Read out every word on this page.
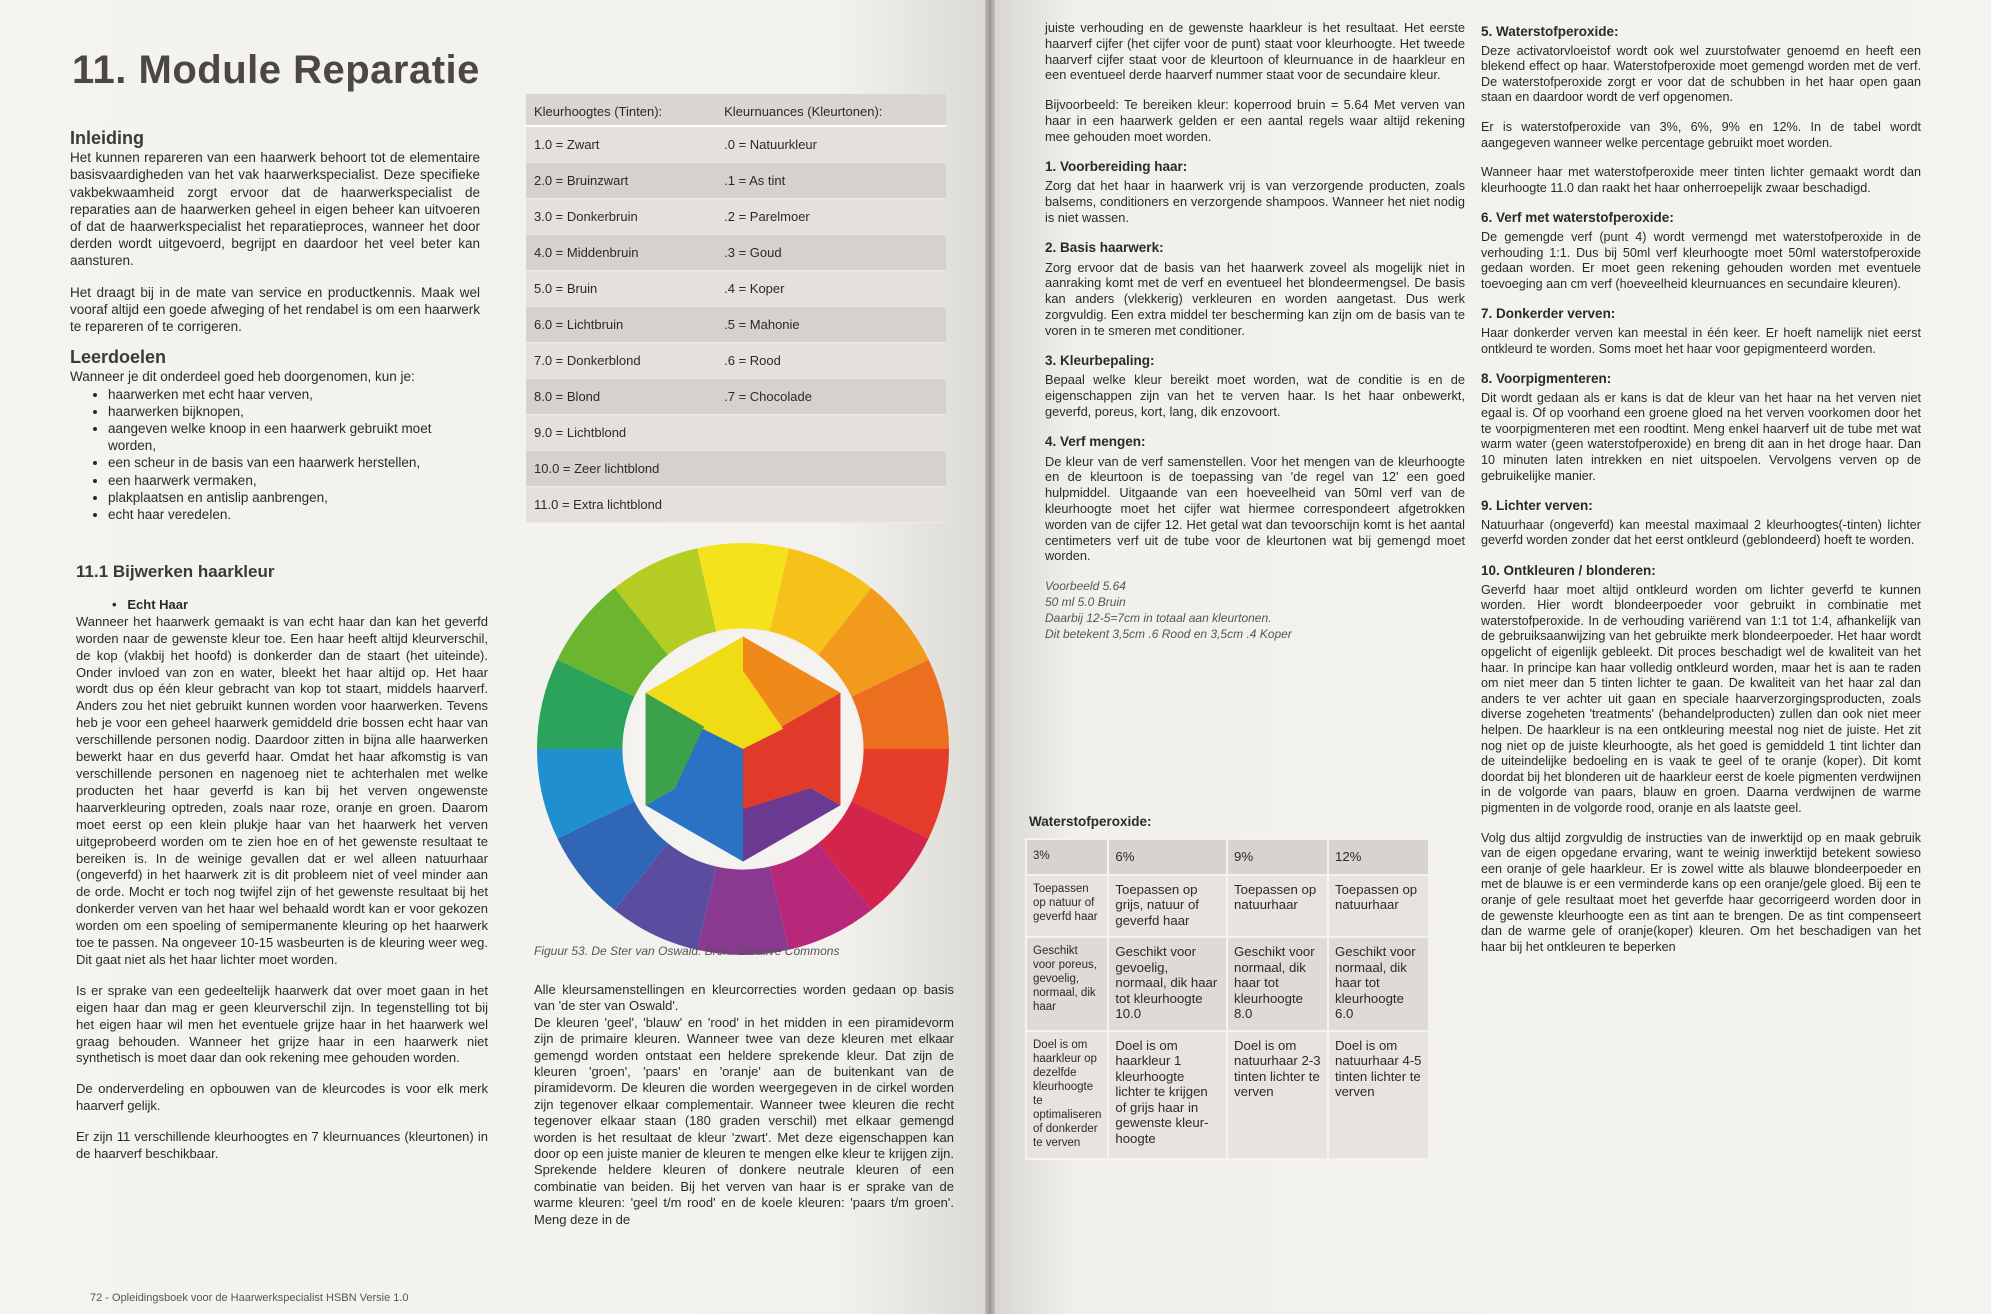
11. Module Reparatie
Inleiding

Het kunnen repareren van een haarwerk behoort tot de elementaire basisvaardigheden van het vak haarwerkspecialist. Deze specifieke vakbekwaamheid zorgt ervoor dat de haarwerkspecialist de reparaties aan de haarwerken geheel in eigen beheer kan uitvoeren of dat de haarwerkspecialist het reparatieproces, wanneer het door derden wordt uitgevoerd, begrijpt en daardoor het veel beter kan aansturen.

Het draagt bij in de mate van service en productkennis. Maak wel vooraf altijd een goede afweging of het rendabel is om een haarwerk te repareren of te corrigeren.

Leerdoelen

Wanneer je dit onderdeel goed heb doorgenomen, kun je:

• haarwerken met echt haar verven,
• haarwerken bijknopen,
• aangeven welke knoop in een haarwerk gebruikt moet worden,
• een scheur in de basis van een haarwerk herstellen,
• een haarwerk vermaken,
• plakplaatsen en antislip aanbrengen,
• echt haar veredelen.
11.1 Bijwerken haarkleur
•   Echt Haar

Wanneer het haarwerk gemaakt is van echt haar dan kan het geverfd worden naar de gewenste kleur toe. Een haar heeft altijd kleurverschil, de kop (vlakbij het hoofd) is donkerder dan de staart (het uiteinde). Onder invloed van zon en water, bleekt het haar altijd op. Het haar wordt dus op één kleur gebracht van kop tot staart, middels haarverf. Anders zou het niet gebruikt kunnen worden voor haarwerken. Tevens heb je voor een geheel haarwerk gemiddeld drie bossen echt haar van verschillende personen nodig. Daardoor zitten in bijna alle haarwerken bewerkt haar en dus geverfd haar. Omdat het haar afkomstig is van verschillende personen en nagenoeg niet te achterhalen met welke producten het haar geverfd is kan bij het verven ongewenste haarverkleuring optreden, zoals naar roze, oranje en groen. Daarom moet eerst op een klein plukje haar van het haarwerk het verven uitgeprobeerd worden om te zien hoe en of het gewenste resultaat te bereiken is. In de weinige gevallen dat er wel alleen natuurhaar (ongeverfd) in het haarwerk zit is dit probleem niet of veel minder aan de orde. Mocht er toch nog twijfel zijn of het gewenste resultaat bij het donkerder verven van het haar wel behaald wordt kan er voor gekozen worden om een spoeling of semipermanente kleuring op het haarwerk toe te passen. Na ongeveer 10-15 wasbeurten is de kleuring weer weg. Dit gaat niet als het haar lichter moet worden.

Is er sprake van een gedeeltelijk haarwerk dat over moet gaan in het eigen haar dan mag er geen kleurverschil zijn. In tegenstelling tot bij het eigen haar wil men het eventuele grijze haar in het haarwerk wel graag behouden. Wanneer het grijze haar in een haarwerk niet synthetisch is moet daar dan ook rekening mee gehouden worden.

De onderverdeling en opbouwen van de kleurcodes is voor elk merk haarverf gelijk.

Er zijn 11 verschillende kleurhoogtes en 7 kleurnuances (kleurtonen) in de haarverf beschikbaar.

Kleurhoogtes (Tinten):	Kleurnuances (Kleurtonen):
1.0 = Zwart	.0 = Natuurkleur
2.0 = Bruinzwart	.1 = As tint
3.0 = Donkerbruin	.2 = Parelmoer
4.0 = Middenbruin	.3 = Goud
5.0 = Bruin	.4 = Koper
6.0 = Lichtbruin	.5 = Mahonie
7.0 = Donkerblond	.6 = Rood
8.0 = Blond	.7 = Chocolade
9.0 = Lichtblond	
10.0 = Zeer lichtblond	
11.0 = Extra lichtblond	
Figuur 53. De Ster van Oswald. Bron: Creative Commons

Alle kleursamenstellingen en kleurcorrecties worden gedaan op basis van 'de ster van Oswald'.

De kleuren 'geel', 'blauw' en 'rood' in het midden in een piramidevorm zijn de primaire kleuren. Wanneer twee van deze kleuren met elkaar gemengd worden ontstaat een heldere sprekende kleur. Dat zijn de kleuren 'groen', 'paars' en 'oranje' aan de buitenkant van de piramidevorm. De kleuren die worden weergegeven in de cirkel worden zijn tegenover elkaar complementair. Wanneer twee kleuren die recht tegenover elkaar staan (180 graden verschil) met elkaar gemengd worden is het resultaat de kleur 'zwart'. Met deze eigenschappen kan door op een juiste manier de kleuren te mengen elke kleur te krijgen zijn. Sprekende heldere kleuren of donkere neutrale kleuren of een combinatie van beiden. Bij het verven van haar is er sprake van de warme kleuren: 'geel t/m rood' en de koele kleuren: 'paars t/m groen'. Meng deze in de

72 - Opleidingsboek voor de Haarwerkspecialist HSBN Versie 1.0

juiste verhouding en de gewenste haarkleur is het resultaat. Het eerste haarverf cijfer (het cijfer voor de punt) staat voor kleurhoogte. Het tweede haarverf cijfer staat voor de kleurtoon of kleurnuance in de haarkleur en een eventueel derde haarverf nummer staat voor de secundaire kleur.

Bijvoorbeeld: Te bereiken kleur: koperrood bruin = 5.64 Met verven van haar in een haarwerk gelden er een aantal regels waar altijd rekening mee gehouden moet worden.

1. Voorbereiding haar:

Zorg dat het haar in haarwerk vrij is van verzorgende producten, zoals balsems, conditioners en verzorgende shampoos. Wanneer het niet nodig is niet wassen.

2. Basis haarwerk:

Zorg ervoor dat de basis van het haarwerk zoveel als mogelijk niet in aanraking komt met de verf en eventueel het blondeermengsel. De basis kan anders (vlekkerig) verkleuren en worden aangetast. Dus werk zorgvuldig. Een extra middel ter bescherming kan zijn om de basis van te voren in te smeren met conditioner.

3. Kleurbepaling:

Bepaal welke kleur bereikt moet worden, wat de conditie is en de eigenschappen zijn van het te verven haar. Is het haar onbewerkt, geverfd, poreus, kort, lang, dik enzovoort.

4. Verf mengen:

De kleur van de verf samenstellen. Voor het mengen van de kleurhoogte en de kleurtoon is de toepassing van 'de regel van 12' een goed hulpmiddel. Uitgaande van een hoeveelheid van 50ml verf van de kleurhoogte moet het cijfer wat hiermee correspondeert afgetrokken worden van de cijfer 12. Het getal wat dan tevoorschijn komt is het aantal centimeters verf uit de tube voor de kleurtonen wat bij gemengd moet worden.

Voorbeeld 5.64
50 ml 5.0 Bruin
Daarbij 12-5=7cm in totaal aan kleurtonen.
Dit betekent 3,5cm .6 Rood en 3,5cm .4 Koper
Waterstofperoxide:
3%	6%	9%	12%
Toepassen op natuur of geverfd haar	Toepassen op grijs, natuur of geverfd haar	Toepassen op natuurhaar	Toepassen op natuurhaar
Geschikt voor poreus, gevoelig, normaal, dik haar	Geschikt voor gevoelig, normaal, dik haar tot kleurhoogte 10.0	Geschikt voor normaal, dik haar tot kleurhoogte 8.0	Geschikt voor normaal, dik haar tot kleurhoogte 6.0
Doel is om haarkleur op dezelfde kleurhoogte te optimaliseren of donkerder te verven	Doel is om haarkleur 1 kleurhoogte lichter te krijgen of grijs haar in gewenste kleur-hoogte	Doel is om natuurhaar 2-3 tinten lichter te verven	Doel is om natuurhaar 4-5 tinten lichter te verven
5. Waterstofperoxide:

Deze activatorvloeistof wordt ook wel zuurstofwater genoemd en heeft een blekend effect op haar. Waterstofperoxide moet gemengd worden met de verf. De waterstofperoxide zorgt er voor dat de schubben in het haar open gaan staan en daardoor wordt de verf opgenomen.

Er is waterstofperoxide van 3%, 6%, 9% en 12%. In de tabel wordt aangegeven wanneer welke percentage gebruikt moet worden.

Wanneer haar met waterstofperoxide meer tinten lichter gemaakt wordt dan kleurhoogte 11.0 dan raakt het haar onherroepelijk zwaar beschadigd.

6. Verf met waterstofperoxide:

De gemengde verf (punt 4) wordt vermengd met waterstofperoxide in de verhouding 1:1. Dus bij 50ml verf kleurhoogte moet 50ml waterstofperoxide gedaan worden. Er moet geen rekening gehouden worden met eventuele toevoeging aan cm verf (hoeveelheid kleurnuances en secundaire kleuren).

7. Donkerder verven:

Haar donkerder verven kan meestal in één keer. Er hoeft namelijk niet eerst ontkleurd te worden. Soms moet het haar voor gepigmenteerd worden.

8. Voorpigmenteren:

Dit wordt gedaan als er kans is dat de kleur van het haar na het verven niet egaal is. Of op voorhand een groene gloed na het verven voorkomen door het te voorpigmenteren met een roodtint. Meng enkel haarverf uit de tube met wat warm water (geen waterstofperoxide) en breng dit aan in het droge haar. Dan 10 minuten laten intrekken en niet uitspoelen. Vervolgens verven op de gebruikelijke manier.

9. Lichter verven:

Natuurhaar (ongeverfd) kan meestal maximaal 2 kleurhoogtes(-tinten) lichter geverfd worden zonder dat het eerst ontkleurd (geblondeerd) hoeft te worden.

10. Ontkleuren / blonderen:

Geverfd haar moet altijd ontkleurd worden om lichter geverfd te kunnen worden. Hier wordt blondeerpoeder voor gebruikt in combinatie met waterstofperoxide. In de verhouding variërend van 1:1 tot 1:4, afhankelijk van de gebruiksaanwijzing van het gebruikte merk blondeerpoeder. Het haar wordt opgelicht of eigenlijk gebleekt. Dit proces beschadigt wel de kwaliteit van het haar. In principe kan haar volledig ontkleurd worden, maar het is aan te raden om niet meer dan 5 tinten lichter te gaan. De kwaliteit van het haar zal dan anders te ver achter uit gaan en speciale haarverzorgingsproducten, zoals diverse zogeheten 'treatments' (behandelproducten) zullen dan ook niet meer helpen. De haarkleur is na een ontkleuring meestal nog niet de juiste. Het zit nog niet op de juiste kleurhoogte, als het goed is gemiddeld 1 tint lichter dan de uiteindelijke bedoeling en is vaak te geel of te oranje (koper). Dit komt doordat bij het blonderen uit de haarkleur eerst de koele pigmenten verdwijnen in de volgorde van paars, blauw en groen. Daarna verdwijnen de warme pigmenten in de volgorde rood, oranje en als laatste geel.

Volg dus altijd zorgvuldig de instructies van de inwerktijd op en maak gebruik van de eigen opgedane ervaring, want te weinig inwerktijd betekent sowieso een oranje of gele haarkleur. Er is zowel witte als blauwe blondeerpoeder en met de blauwe is er een verminderde kans op een oranje/gele gloed. Bij een te oranje of gele resultaat moet het geverfde haar gecorrigeerd worden door in de gewenste kleurhoogte een as tint aan te brengen. De as tint compenseert dan de warme gele of oranje(koper) kleuren. Om het beschadigen van het haar bij het ontkleuren te beperken
